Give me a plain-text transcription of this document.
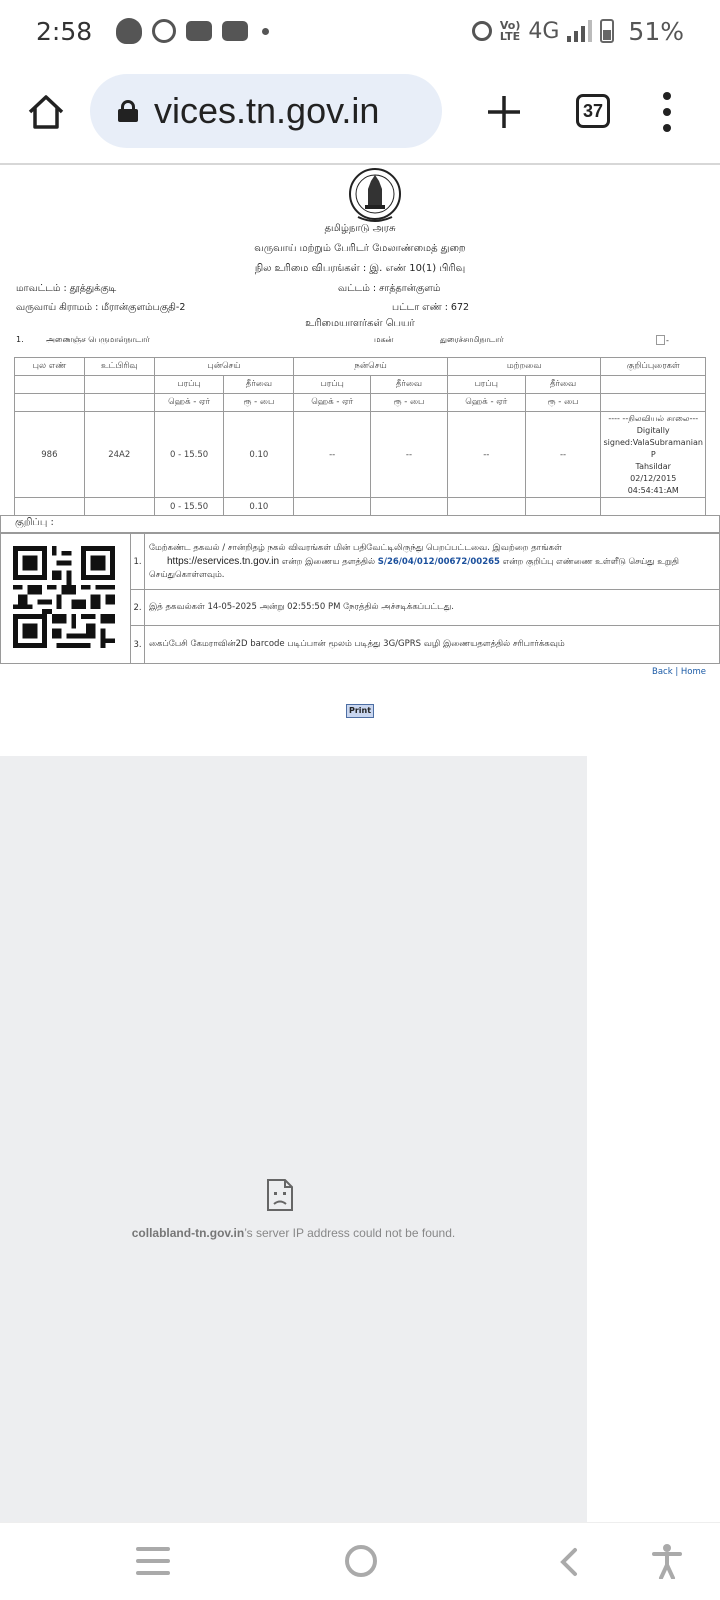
2:58	Vo)
LTE 4G	51%
vices.tn.gov.in	37
தமிழ்நாடு அரசு
வருவாய் மற்றும் பேரிடர் மேலாண்மைத் துறை
நில உரிமை விபரங்கள் : இ. எண் 10(1) பிரிவு
மாவட்டம் : தூத்துக்குடி	வட்டம் : சாத்தான்குளம்
வருவாய் கிராமம் : மீரான்குளம்பகுதி-2	பட்டா எண் : 672
உரிமையாளர்கள் பெயர்
1.	அணைஞ்ச பெருமாள்நாடார்	மகன்	துரைச்சாமிநாடார்	-
புல எண்	உட்பிரிவு	புன்செய்		நன்செய்		மற்றவை		குறிப்புரைகள்
		பரப்பு	தீர்வை	பரப்பு	தீர்வை	பரப்பு	தீர்வை	
		ஹெக் - ஏர்	ரூ - பை	ஹெக் - ஏர்	ரூ - பை	ஹெக் - ஏர்	ரூ - பை	
986	24A2	0 - 15.50	0.10	--	--	--	--	---- --நிலவியல் சாலை---
Digitally signed:ValaSubramanian P
Tahsildar
02/12/2015 04:54:41:AM

		0 - 15.50	0.10					
குறிப்பு :
	1.	மேற்கண்ட தகவல் / சான்றிதழ் நகல் விவரங்கள் மின் பதிவேட்டிலிருந்து பெறப்பட்டவை. இவற்றை தாங்கள்
https://eservices.tn.gov.in என்ற இணைய தளத்தில் S/26/04/012/00672/00265 என்ற குறிப்பு எண்ணை உள்ளீடு செய்து உறுதி செய்துகொள்ளவும்.
	2.	இத் தகவல்கள் 14-05-2025 அன்று 02:55:50 PM நேரத்தில் அச்சடிக்கப்பட்டது.
	3.	கைப்பேசி கேமராவின்2D barcode படிப்பான் மூலம் படித்து 3G/GPRS வழி இணையதளத்தில் சரிபார்க்கவும்
Back | Home
Print
collabland-tn.gov.in’s server IP address could not be found.
